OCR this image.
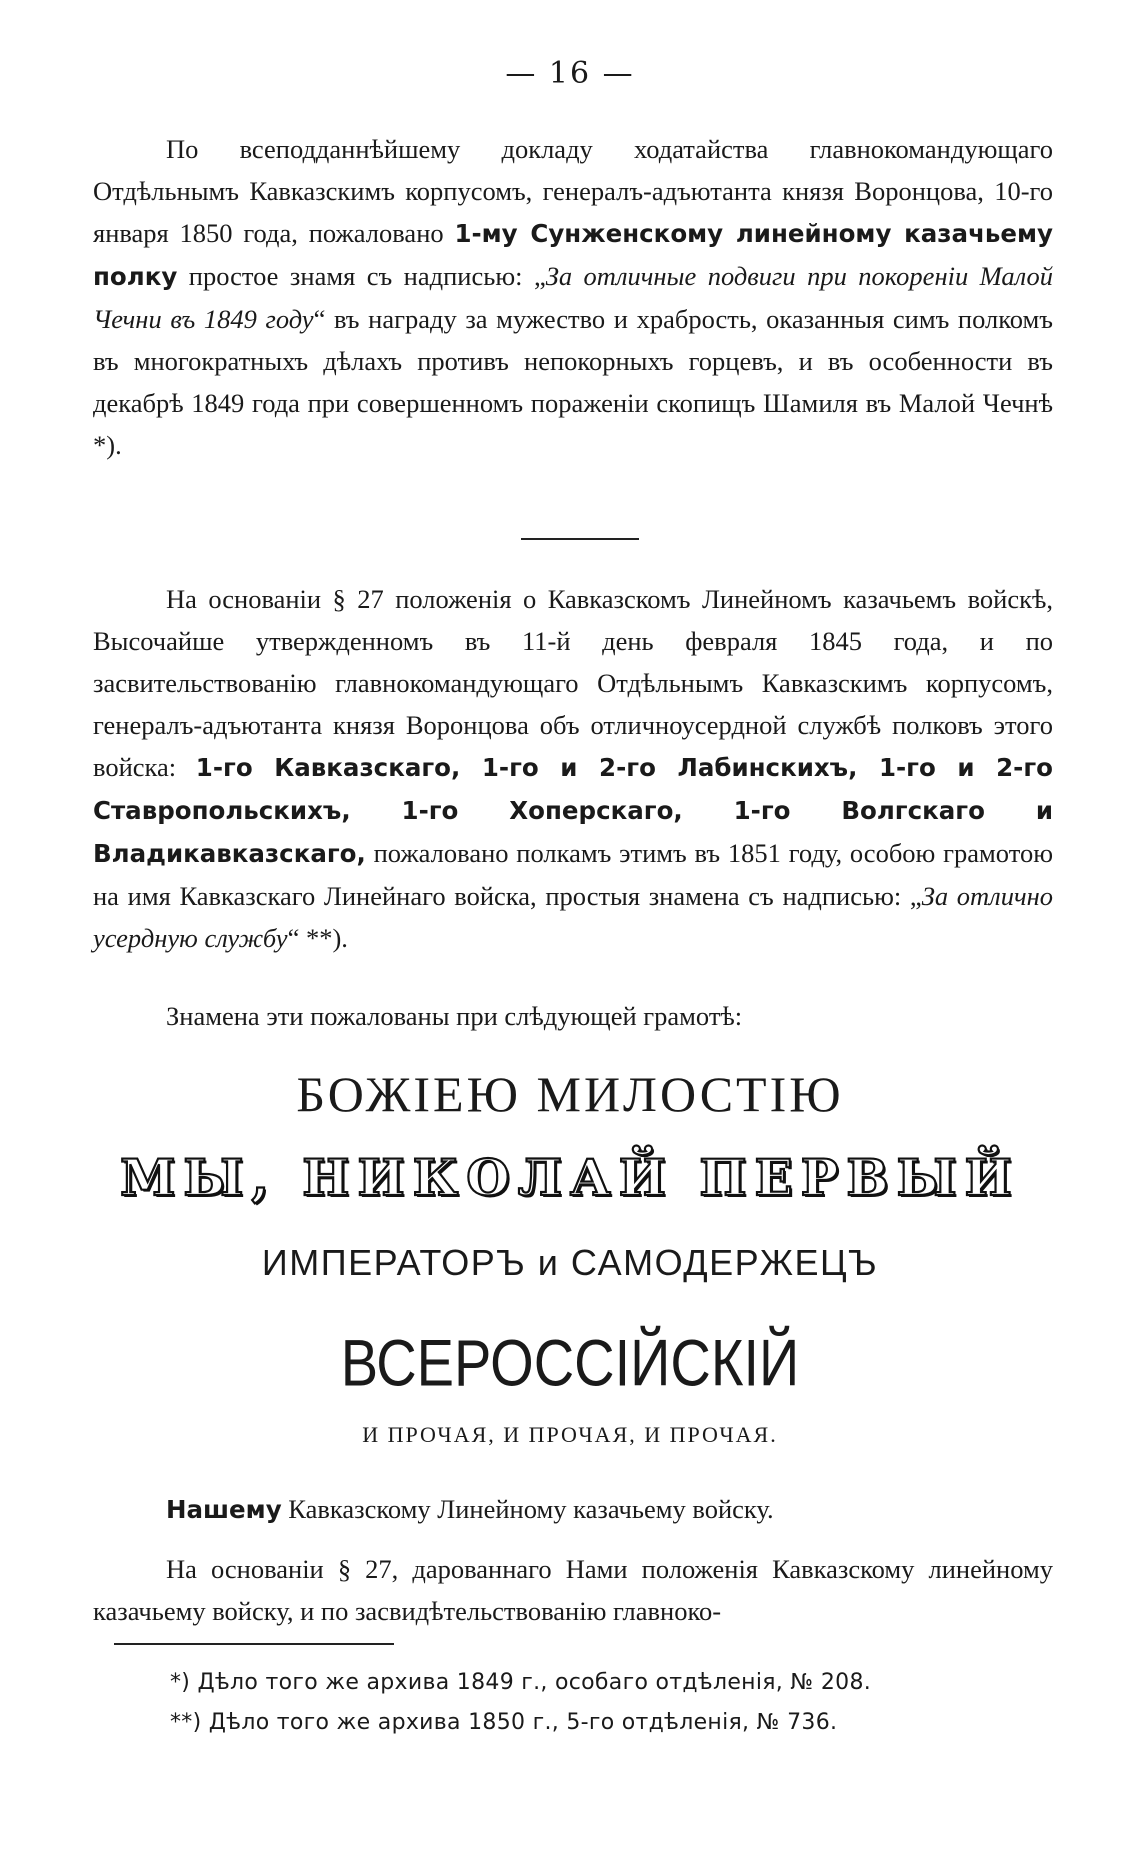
— 16 —
По всеподданнѣйшему докладу ходатайства главнокомандующаго Отдѣльнымъ Кавказскимъ корпусомъ, генералъ-адъютанта князя Воронцова, 10-го января 1850 года, пожаловано 1-му Сунженскому линейному казачьему полку простое знамя съ надписью: „За отличные подвиги при покореніи Малой Чечни въ 1849 году“ въ награду за мужество и храбрость, оказанныя симъ полкомъ въ многократныхъ дѣлахъ противъ непокорныхъ горцевъ, и въ особенности въ декабрѣ 1849 года при совершенномъ пораженіи скопищъ Шамиля въ Малой Чечнѣ *).
На основаніи § 27 положенія о Кавказскомъ Линейномъ казачьемъ войскѣ, Высочайше утвержденномъ въ 11-й день февраля 1845 года, и по засвительствованію главнокомандующаго Отдѣльнымъ Кавказскимъ корпусомъ, генералъ-адъютанта князя Воронцова объ отличноусердной службѣ полковъ этого войска: 1-го Кавказскаго, 1-го и 2-го Лабинскихъ, 1-го и 2-го Ставропольскихъ, 1-го Хоперскаго, 1-го Волгскаго и Владикавказскаго, пожаловано полкамъ этимъ въ 1851 году, особою грамотою на имя Кавказскаго Линейнаго войска, простыя знамена съ надписью: „За отлично усердную службу“ **).
Знамена эти пожалованы при слѣдующей грамотѣ:
БОЖІЕЮ МИЛОСТІЮ
МЫ, НИКОЛАЙ ПЕРВЫЙ
ИМПЕРАТОРЪ и САМОДЕРЖЕЦЪ
ВСЕРОССІЙСКІЙ
И ПРОЧАЯ, И ПРОЧАЯ, И ПРОЧАЯ.
Нашему Кавказскому Линейному казачьему войску.
На основаніи § 27, дарованнаго Нами положенія Кавказскому линейному казачьему войску, и по засвидѣтельствованію главноко-
*) Дѣло того же архива 1849 г., особаго отдѣленія, № 208.
**) Дѣло того же архива 1850 г., 5-го отдѣленія, № 736.
